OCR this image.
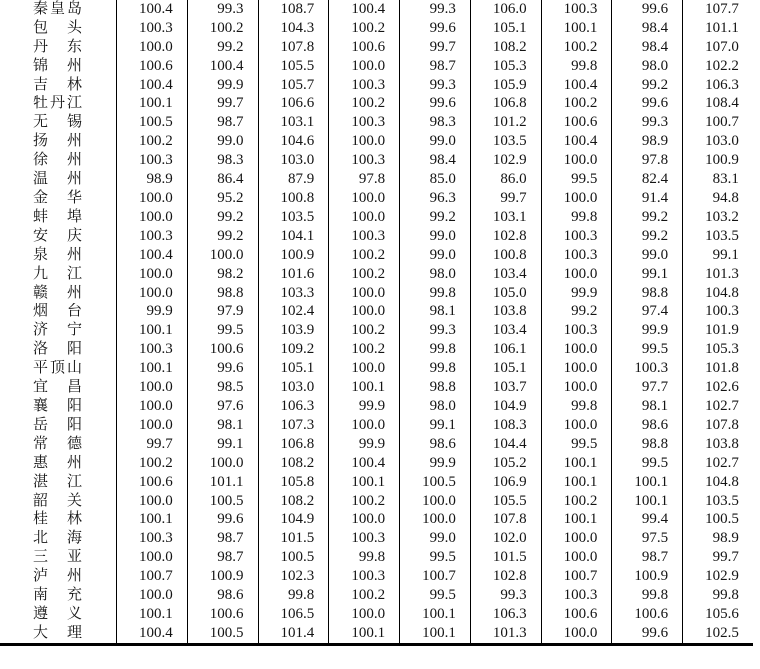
秦 皇 岛	100.4	99.3	108.7	100.4	99.3	106.0	100.3	99.6	107.7
包 头	100.3	100.2	104.3	100.2	99.6	105.1	100.1	98.4	101.1
丹 东	100.0	99.2	107.8	100.6	99.7	108.2	100.2	98.4	107.0
锦 州	100.6	100.4	105.5	100.0	98.7	105.3	99.8	98.0	102.2
吉 林	100.4	99.9	105.7	100.3	99.3	105.9	100.4	99.2	106.3
牡 丹 江	100.1	99.7	106.6	100.2	99.6	106.8	100.2	99.6	108.4
无 锡	100.5	98.7	103.1	100.3	98.3	101.2	100.6	99.3	100.7
扬 州	100.2	99.0	104.6	100.0	99.0	103.5	100.4	98.9	103.0
徐 州	100.3	98.3	103.0	100.3	98.4	102.9	100.0	97.8	100.9
温 州	98.9	86.4	87.9	97.8	85.0	86.0	99.5	82.4	83.1
金 华	100.0	95.2	100.8	100.0	96.3	99.7	100.0	91.4	94.8
蚌 埠	100.0	99.2	103.5	100.0	99.2	103.1	99.8	99.2	103.2
安 庆	100.3	99.2	104.1	100.3	99.0	102.8	100.3	99.2	103.5
泉 州	100.4	100.0	100.9	100.2	99.0	100.8	100.3	99.0	99.1
九 江	100.0	98.2	101.6	100.2	98.0	103.4	100.0	99.1	101.3
赣 州	100.0	98.8	103.3	100.0	99.8	105.0	99.9	98.8	104.8
烟 台	99.9	97.9	102.4	100.0	98.1	103.8	99.2	97.4	100.3
济 宁	100.1	99.5	103.9	100.2	99.3	103.4	100.3	99.9	101.9
洛 阳	100.3	100.6	109.2	100.2	99.8	106.1	100.0	99.5	105.3
平 顶 山	100.1	99.6	105.1	100.0	99.8	105.1	100.0	100.3	101.8
宜 昌	100.0	98.5	103.0	100.1	98.8	103.7	100.0	97.7	102.6
襄 阳	100.0	97.6	106.3	99.9	98.0	104.9	99.8	98.1	102.7
岳 阳	100.0	98.1	107.3	100.0	99.1	108.3	100.0	98.6	107.8
常 德	99.7	99.1	106.8	99.9	98.6	104.4	99.5	98.8	103.8
惠 州	100.2	100.0	108.2	100.4	99.9	105.2	100.1	99.5	102.7
湛 江	100.6	101.1	105.8	100.1	100.5	106.9	100.1	100.1	104.8
韶 关	100.0	100.5	108.2	100.2	100.0	105.5	100.2	100.1	103.5
桂 林	100.1	99.6	104.9	100.0	100.0	107.8	100.1	99.4	100.5
北 海	100.3	98.7	101.5	100.3	99.0	102.0	100.0	97.5	98.9
三 亚	100.0	98.7	100.5	99.8	99.5	101.5	100.0	98.7	99.7
泸 州	100.7	100.9	102.3	100.3	100.7	102.8	100.7	100.9	102.9
南 充	100.0	98.6	99.8	100.2	99.5	99.3	100.3	99.8	99.8
遵 义	100.1	100.6	106.5	100.0	100.1	106.3	100.6	100.6	105.6
大 理	100.4	100.5	101.4	100.1	100.1	101.3	100.0	99.6	102.5
